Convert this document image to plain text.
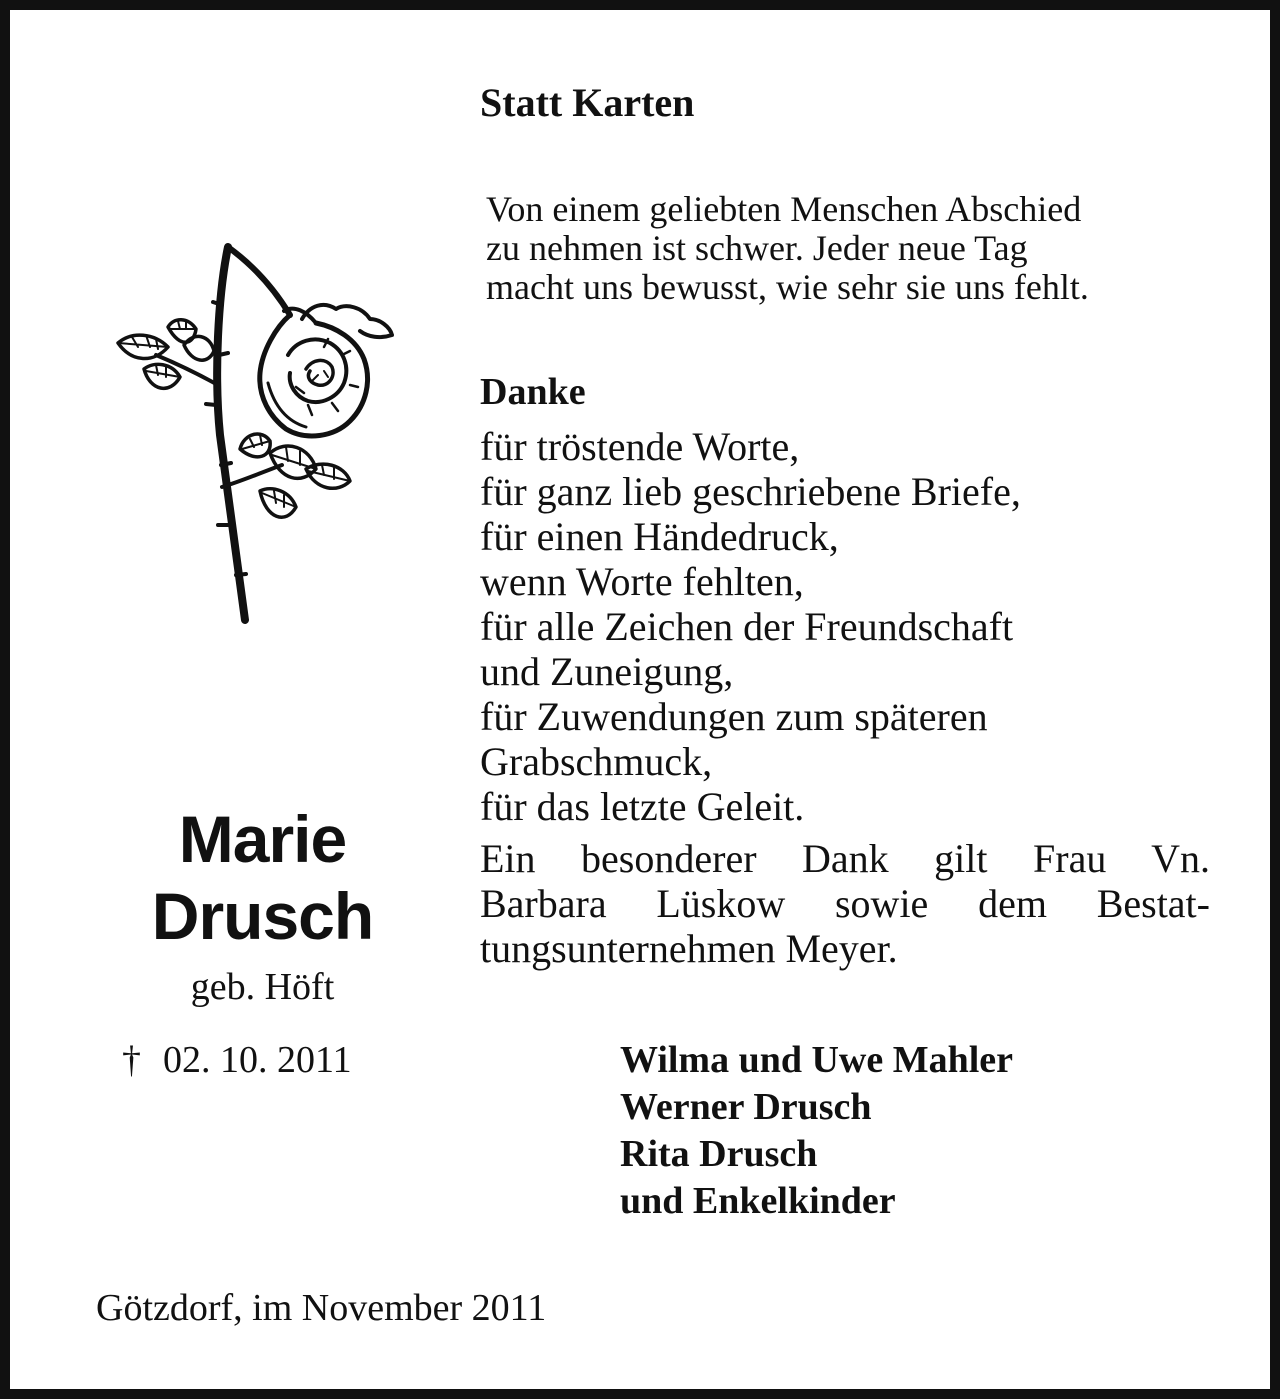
Statt Karten
Von einem geliebten Menschen Abschied
zu nehmen ist schwer. Jeder neue Tag
macht uns bewusst, wie sehr sie uns fehlt.
Danke
für tröstende Worte,
für ganz lieb geschriebene Briefe,
für einen Händedruck,
wenn Worte fehlten,
für alle Zeichen der Freundschaft
und Zuneigung,
für Zuwendungen zum späteren
Grabschmuck,
für das letzte Geleit.
Ein besonderer Dank gilt Frau Vn.
Barbara Lüskow sowie dem Bestat-
tungsunternehmen Meyer.
Marie
Drusch
geb. Höft
† 02. 10. 2011	Wilma und Uwe Mahler
Werner Drusch
Rita Drusch
und Enkelkinder
Götzdorf, im November 2011
